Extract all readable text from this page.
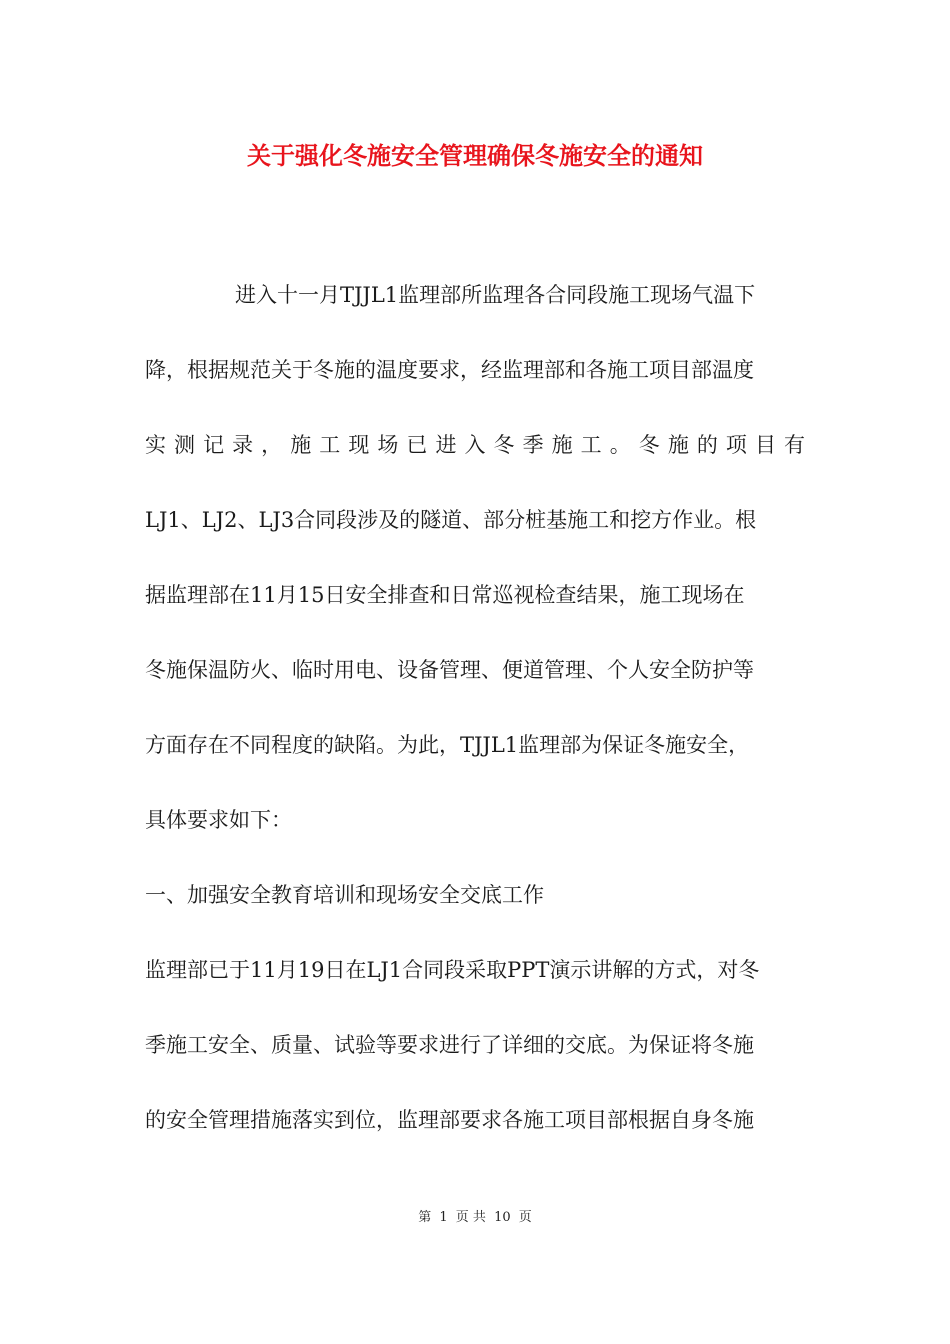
关于强化冬施安全管理确保冬施安全的通知
进入十一月TJJL1监理部所监理各合同段施工现场气温下
降，根据规范关于冬施的温度要求，经监理部和各施工项目部温度
实测记录，施工现场已进入冬季施工。冬施的项目有
LJ1、LJ2、LJ3合同段涉及的隧道、部分桩基施工和挖方作业。根
据监理部在11月15日安全排查和日常巡视检查结果，施工现场在
冬施保温防火、临时用电、设备管理、便道管理、个人安全防护等
方面存在不同程度的缺陷。为此，TJJL1监理部为保证冬施安全，
具体要求如下：
一、加强安全教育培训和现场安全交底工作
监理部已于11月19日在LJ1合同段采取PPT演示讲解的方式，对冬
季施工安全、质量、试验等要求进行了详细的交底。为保证将冬施
的安全管理措施落实到位，监理部要求各施工项目部根据自身冬施
第 1 页 共 10 页
